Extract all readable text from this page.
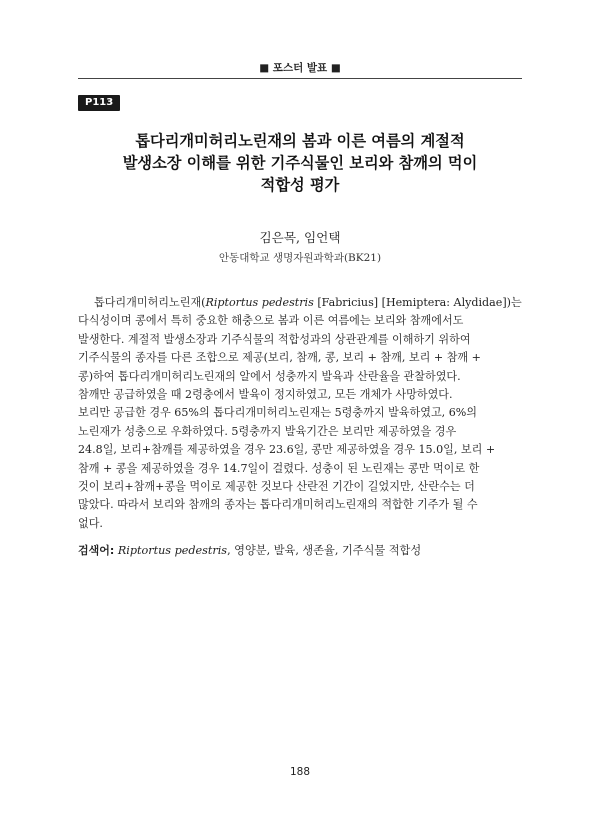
■ 포스터 발표 ■
P113
톱다리개미허리노린재의 봄과 이른 여름의 계절적
발생소장 이해를 위한 기주식물인 보리와 참깨의 먹이
적합성 평가
김은목, 임언택
안동대학교 생명자원과학과(BK21)
톱다리개미허리노린재(Riptortus pedestris [Fabricius] [Hemiptera: Alydidae])는
다식성이며 콩에서 특히 중요한 해충으로 봄과 이른 여름에는 보리와 참깨에서도
발생한다. 계절적 발생소장과 기주식물의 적합성과의 상관관계를 이해하기 위하여
기주식물의 종자를 다른 조합으로 제공(보리, 참깨, 콩, 보리 + 참깨, 보리 + 참깨 +
콩)하여 톱다리개미허리노린재의 알에서 성충까지 발육과 산란율을 관찰하였다.
참깨만 공급하였을 때 2령충에서 발육이 정지하였고, 모든 개체가 사망하였다.
보리만 공급한 경우 65%의 톱다리개미허리노린재는 5령충까지 발육하였고, 6%의
노린재가 성충으로 우화하였다. 5령충까지 발육기간은 보리만 제공하였을 경우
24.8일, 보리+참깨를 제공하였을 경우 23.6일, 콩만 제공하였을 경우 15.0일, 보리 +
참깨 + 콩을 제공하였을 경우 14.7일이 걸렸다. 성충이 된 노린재는 콩만 먹이로 한
것이 보리+참깨+콩을 먹이로 제공한 것보다 산란전 기간이 길었지만, 산란수는 더
많았다. 따라서 보리와 참깨의 종자는 톱다리개미허리노린재의 적합한 기주가 될 수
없다.
검색어: Riptortus pedestris, 영양분, 발육, 생존율, 기주식물 적합성
188
